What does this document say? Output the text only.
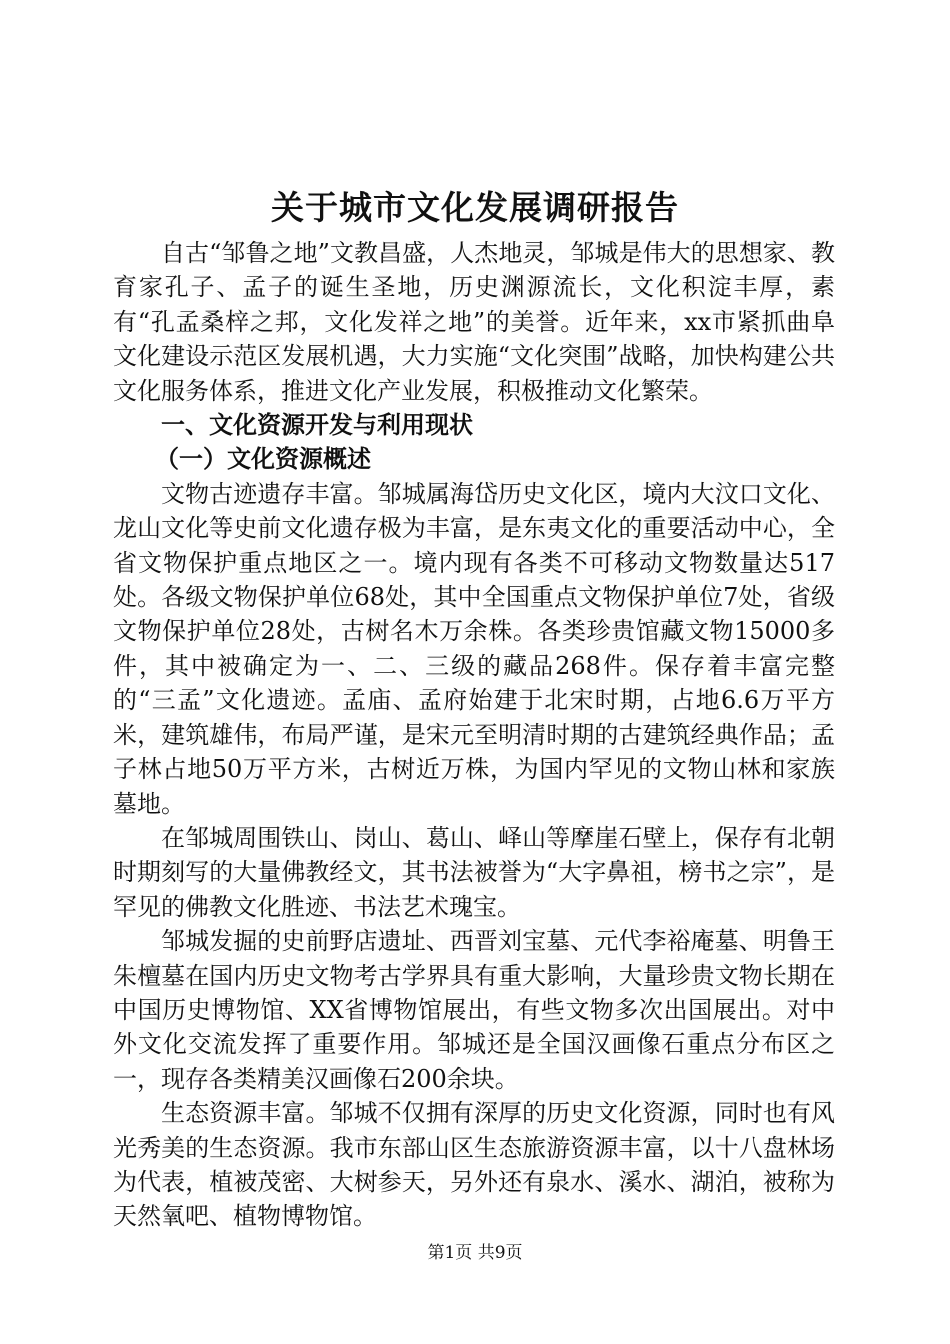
关于城市文化发展调研报告

自古“邹鲁之地”文教昌盛，人杰地灵，邹城是伟大的思想家、教育家孔子、孟子的诞生圣地，历史渊源流长，文化积淀丰厚，素有“孔孟桑梓之邦，文化发祥之地”的美誉。近年来，xx市紧抓曲阜文化建设示范区发展机遇，大力实施“文化突围”战略，加快构建公共文化服务体系，推进文化产业发展，积极推动文化繁荣。

一、文化资源开发与利用现状

（一）文化资源概述

文物古迹遗存丰富。邹城属海岱历史文化区，境内大汶口文化、龙山文化等史前文化遗存极为丰富，是东夷文化的重要活动中心，全省文物保护重点地区之一。境内现有各类不可移动文物数量达517处。各级文物保护单位68处，其中全国重点文物保护单位7处，省级文物保护单位28处，古树名木万余株。各类珍贵馆藏文物15000多件，其中被确定为一、二、三级的藏品268件。保存着丰富完整的“三孟”文化遗迹。孟庙、孟府始建于北宋时期，占地6.6万平方米，建筑雄伟，布局严谨，是宋元至明清时期的古建筑经典作品；孟子林占地50万平方米，古树近万株，为国内罕见的文物山林和家族墓地。

在邹城周围铁山、岗山、葛山、峄山等摩崖石壁上，保存有北朝时期刻写的大量佛教经文，其书法被誉为“大字鼻祖，榜书之宗”，是罕见的佛教文化胜迹、书法艺术瑰宝。

邹城发掘的史前野店遗址、西晋刘宝墓、元代李裕庵墓、明鲁王朱檀墓在国内历史文物考古学界具有重大影响，大量珍贵文物长期在中国历史博物馆、XX省博物馆展出，有些文物多次出国展出。对中外文化交流发挥了重要作用。邹城还是全国汉画像石重点分布区之一，现存各类精美汉画像石200余块。

生态资源丰富。邹城不仅拥有深厚的历史文化资源，同时也有风光秀美的生态资源。我市东部山区生态旅游资源丰富，以十八盘林场为代表，植被茂密、大树参天，另外还有泉水、溪水、湖泊，被称为天然氧吧、植物博物馆。

第1页 共9页
